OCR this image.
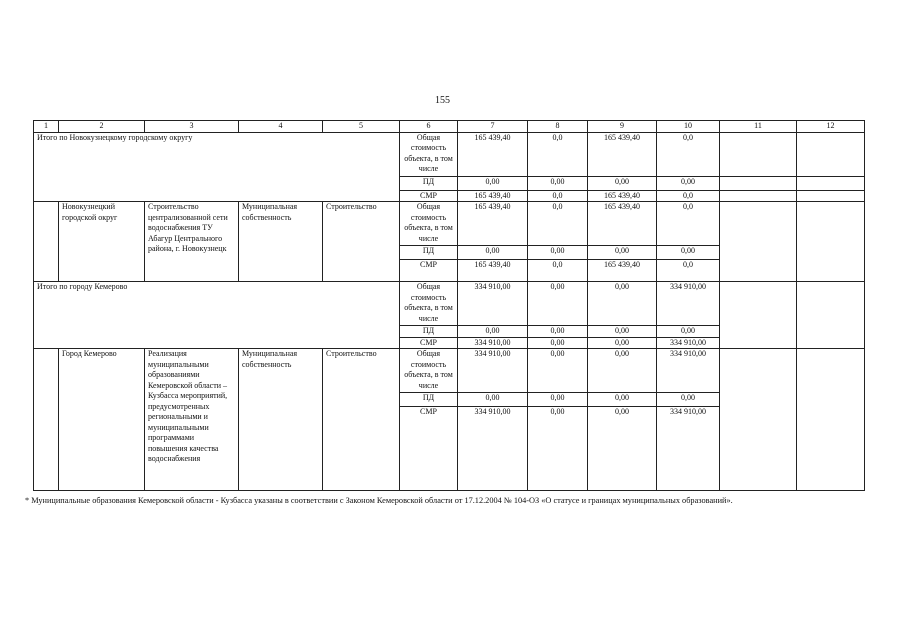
155
1	2	3	4	5	6	7	8	9	10	11	12
Итого по Новокузнецкому городскому округу					Общая стоимость объекта, в том числе	165 439,40	0,0	165 439,40	0,0		
					ПД	0,00	0,00	0,00	0,00		
					СМР	165 439,40	0,0	165 439,40	0,0		
	Новокузнецкий городской округ	Строительство централизованной сети водоснабжения ТУ Абагур Центрального района, г. Новокузнецк	Муниципальная собственность	Строительство	Общая стоимость объекта, в том числе	165 439,40	0,0	165 439,40	0,0		
					ПД	0,00	0,00	0,00	0,00		
					СМР	165 439,40	0,0	165 439,40	0,0		
Итого по городу Кемерово					Общая стоимость объекта, в том числе	334 910,00	0,00	0,00	334 910,00		
					ПД	0,00	0,00	0,00	0,00		
					СМР	334 910,00	0,00	0,00	334 910,00		
	Город Кемерово	Реализация муниципальными образованиями Кемеровской области – Кузбасса мероприятий, предусмотренных региональными и муниципальными программами повышения качества водоснабжения	Муниципальная собственность	Строительство	Общая стоимость объекта, в том числе	334 910,00	0,00	0,00	334 910,00		
					ПД	0,00	0,00	0,00	0,00		
					СМР	334 910,00	0,00	0,00	334 910,00		
* Муниципальные образования Кемеровской области - Кузбасса указаны в соответствии с Законом Кемеровской области от 17.12.2004 № 104-ОЗ «О статусе и границах муниципальных образований».
